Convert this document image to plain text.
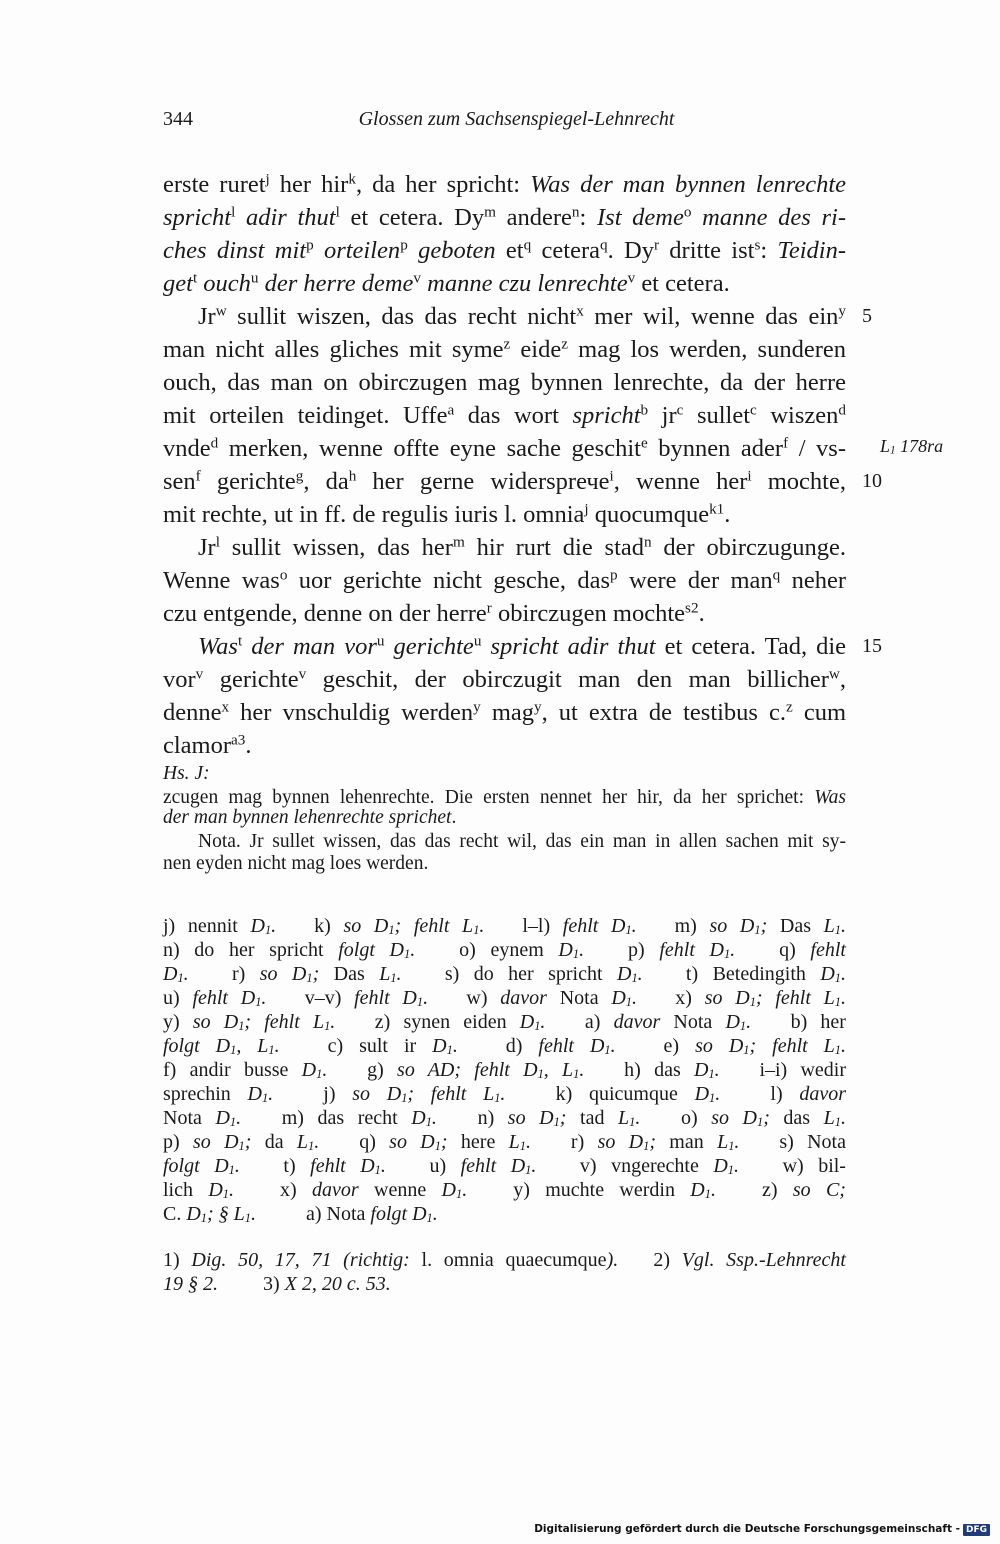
344	Glossen zum Sachsenspiegel-Lehnrecht
erste ruret$^j$ her hir$^k$, da her spricht: Was der man bynnen lenrechte
spricht$^l$ adir thut$^l$ et cetera. Dy$^m$ andere$^n$: Ist deme$^o$ manne des ri-
ches dinst mit$^p$ orteilen$^p$ geboten $et^q$ cetera$^q$. Dy$^r$ dritte ist$^s$: Teidin-
get$^t$ ouch$^u$ der herre deme$^v$ manne czu lenrechte$^v$ et cetera.
Jr$^w$ sullit wiszen, das das recht nicht$^x$ mer wil, wenne das ein$^y$
man nicht alles gliches mit syme$^z$ eide$^z$ mag los werden, sunderen
ouch, das man on obirczugen mag bynnen lenrechte, da der herre
mit orteilen teidinget. Uffe$^a$ das wort spricht$^b$ $jr^c$ sullet$^c$ wiszen$^d$
vnde$^d$ merken, wenne offte eyne sache geschit$^e$ bynnen ader$^f$ / vs-
sen$^f$ gerichte$^g$, $da^h$ her gerne widersprече$^i$, wenne her$^i$ mochte,
mit rechte, ut in ff. de regulis iuris l. omnia$^j$ quocumque$^{k1}$.
Jr$^l$ sullit wissen, das her$^m$ hir rurt die stad$^n$ der obirczugunge.
Wenne was$^o$ uor gerichte nicht gesche, das$^p$ were der man$^q$ neher
czu entgende, denne on der herre$^r$ obirczugen mochte$^{s2}$.
Was$^t$ der man vor$^u$ gerichte$^u$ spricht adir thut et cetera. Tad, die
vor$^v$ gerichte$^v$ geschit, der obirczugit man den man billicher$^w$,
denne$^x$ her vnschuldig werden$^y$ mag$^y$, ut extra de testibus c.$^z$ cum
clamor$^{a3}$.
5
10
15
$L_1$ 178ra
Hs. J:
zcugen mag bynnen lehenrechte. Die ersten nennet her hir, da her sprichet: Was
der man bynnen lehenrechte sprichet.
Nota. Jr sullet wissen, das das recht wil, das ein man in allen sachen mit sy-
nen eyden nicht mag loes werden.
j) nennit $D_1$.   k) so $D_1$; fehlt $L_1$.   l–l) fehlt $D_1$.   m) so $D_1$; Das $L_1$.
n) do her spricht folgt $D_1$.   o) eynem $D_1$.   p) fehlt $D_1$.   q) fehlt
$D_1$.   r) so $D_1$; Das $L_1$.   s) do her spricht $D_1$.   t) Betedingith $D_1$.
u) fehlt $D_1$.   v–v) fehlt $D_1$.   w) davor Nota $D_1$.   x) so $D_1$; fehlt $L_1$.
y) so $D_1$; fehlt $L_1$.   z) synen eiden $D_1$.   a) davor Nota $D_1$.   b) her
folgt $D_1$, $L_1$.   c) sult ir $D_1$.   d) fehlt $D_1$.   e) so $D_1$; fehlt $L_1$.
f) andir busse $D_1$.   g) so AD; fehlt $D_1$, $L_1$.   h) das $D_1$.   i–i) wedir
sprechin $D_1$.   j) so $D_1$; fehlt $L_1$.   k) quicumque $D_1$.   l) davor
Nota $D_1$.   m) das recht $D_1$.   n) so $D_1$; tad $L_1$.   o) so $D_1$; das $L_1$.
p) so $D_1$; da $L_1$.   q) so $D_1$; here $L_1$.   r) so $D_1$; man $L_1$.   s) Nota
folgt $D_1$.   t) fehlt $D_1$.   u) fehlt $D_1$.   v) vngerechte $D_1$.   w) bil-
lich $D_1$.   x) davor wenne $D_1$.   y) muchte werdin $D_1$.   z) so C;
C. $D_1$; § $L_1$.          a) Nota folgt $D_1$.
1) Dig. 50, 17, 71 (richtig: l. omnia quaecumque).   2) Vgl. Ssp.-Lehnrecht
19 § 2.         3) X 2, 20 c. 53.
Digitalisierung gefördert durch die Deutsche Forschungsgemeinschaft - DFG
